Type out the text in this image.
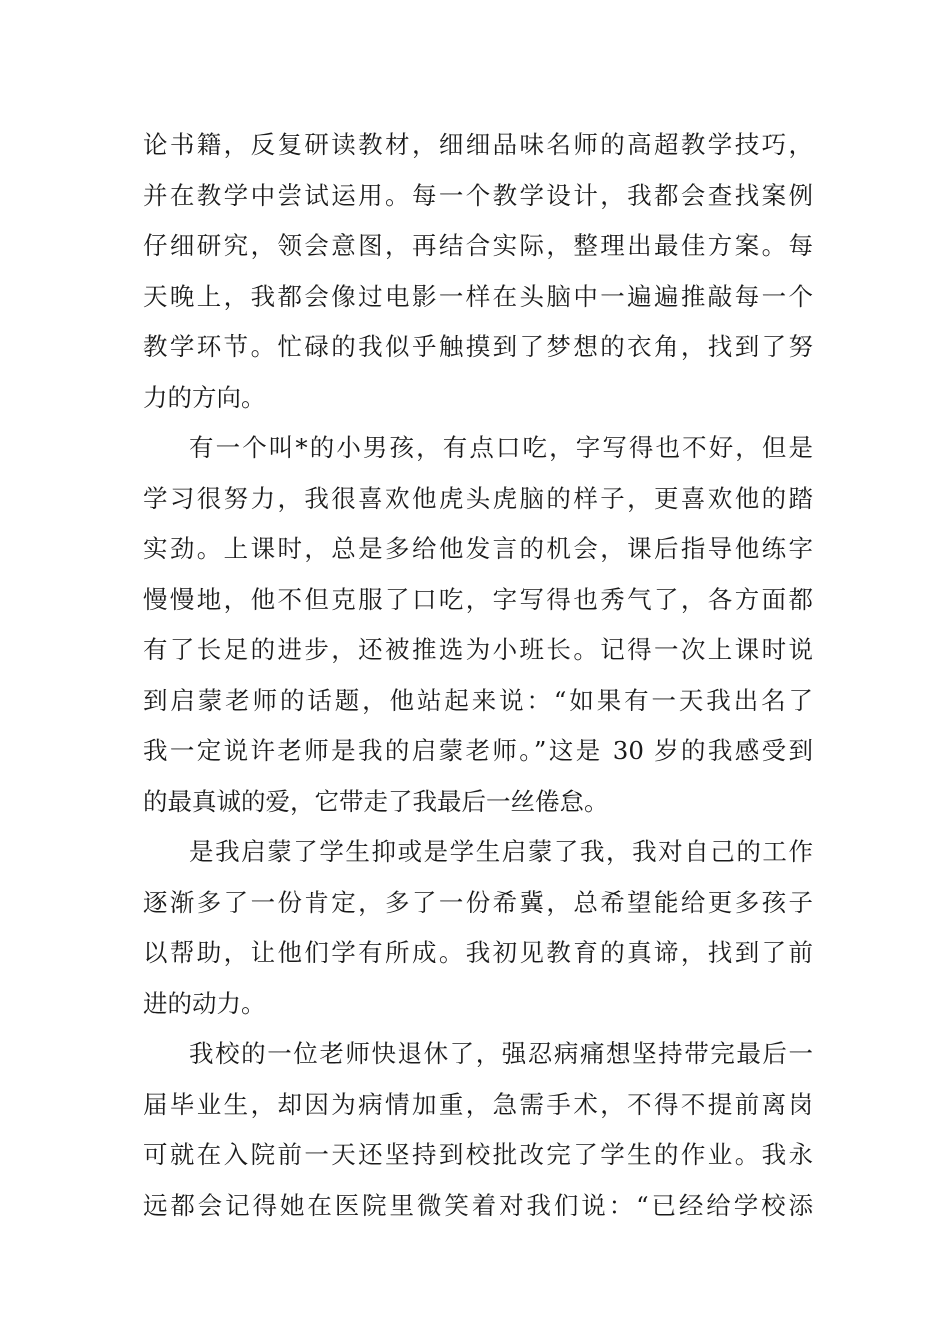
论书籍，反复研读教材，细细品味名师的高超教学技巧，
并在教学中尝试运用。每一个教学设计，我都会查找案例
仔细研究，领会意图，再结合实际，整理出最佳方案。每
天晚上，我都会像过电影一样在头脑中一遍遍推敲每一个
教学环节。忙碌的我似乎触摸到了梦想的衣角，找到了努
力的方向。
有一个叫*的小男孩，有点口吃，字写得也不好，但是
学习很努力，我很喜欢他虎头虎脑的样子，更喜欢他的踏
实劲。上课时，总是多给他发言的机会，课后指导他练字
慢慢地，他不但克服了口吃，字写得也秀气了，各方面都
有了长足的进步，还被推选为小班长。记得一次上课时说
到启蒙老师的话题，他站起来说：“如果有一天我出名了
我一定说许老师是我的启蒙老师。”这是 30 岁的我感受到
的最真诚的爱，它带走了我最后一丝倦怠。
是我启蒙了学生抑或是学生启蒙了我，我对自己的工作
逐渐多了一份肯定，多了一份希冀，总希望能给更多孩子
以帮助，让他们学有所成。我初见教育的真谛，找到了前
进的动力。
我校的一位老师快退休了，强忍病痛想坚持带完最后一
届毕业生，却因为病情加重，急需手术，不得不提前离岗
可就在入院前一天还坚持到校批改完了学生的作业。我永
远都会记得她在医院里微笑着对我们说：“已经给学校添
